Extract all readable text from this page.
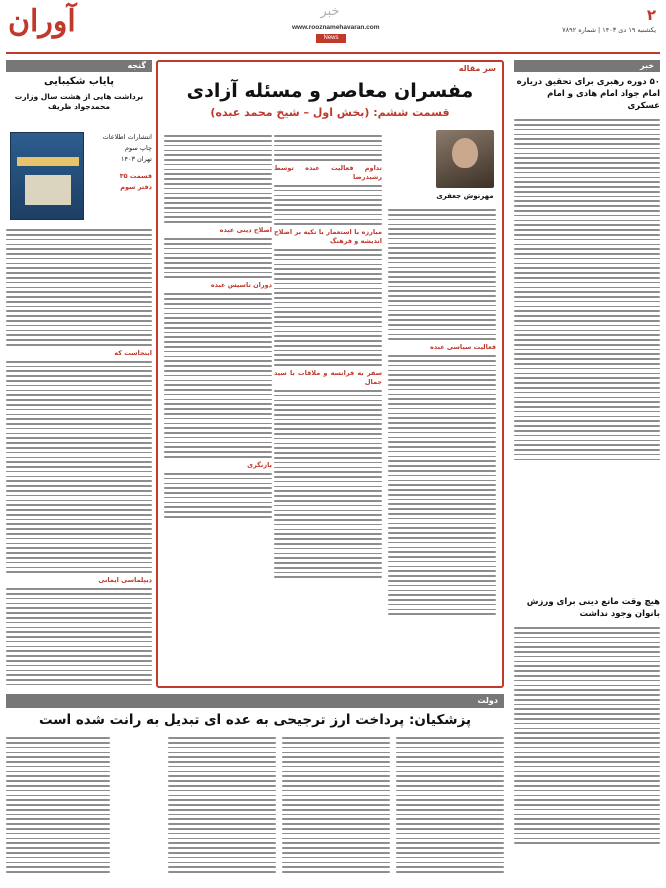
۲
یکشنبه ۱۹ دی ۱۴۰۳ | شماره ۷۸۹۲
خبر
www.rooznamehavaran.com
News
آوران
خبر
۵۰ دوره رهبری برای تحقیق درباره امام جواد امام هادی و امام عسکری
هیچ وقت مانع دینی برای ورزش بانوان وجود نداشت
سر مقاله
مفسران معاصر و مسئله آزادی
قسمت ششم: (بخش اول – شیخ محمد عبده)
مهرنوش جعفری
فعالیت سیاسی عبده
تداوم فعالیت عبده توسط رشیدرضا
مبارزه با استعمار با تکیه بر اصلاح اندیشه و فرهنگ
سفر به فرانسه و ملاقات با سید جمال
اصلاح دینی عبده
دوران تاسیس عبده
بازنگری
گنجه
پایاب شکیبایی
برداشت هایی از هشت سال وزارت محمدجواد ظریف
انتشارات اطلاعات
چاپ سوم
تهران ۱۴۰۳
قسمت ۳۵
دفتر سوم
اینجاست که
دیپلماسی ایمانی
دولت
پزشکیان: پرداخت ارز ترجیحی به عده ای تبدیل به رانت شده است
